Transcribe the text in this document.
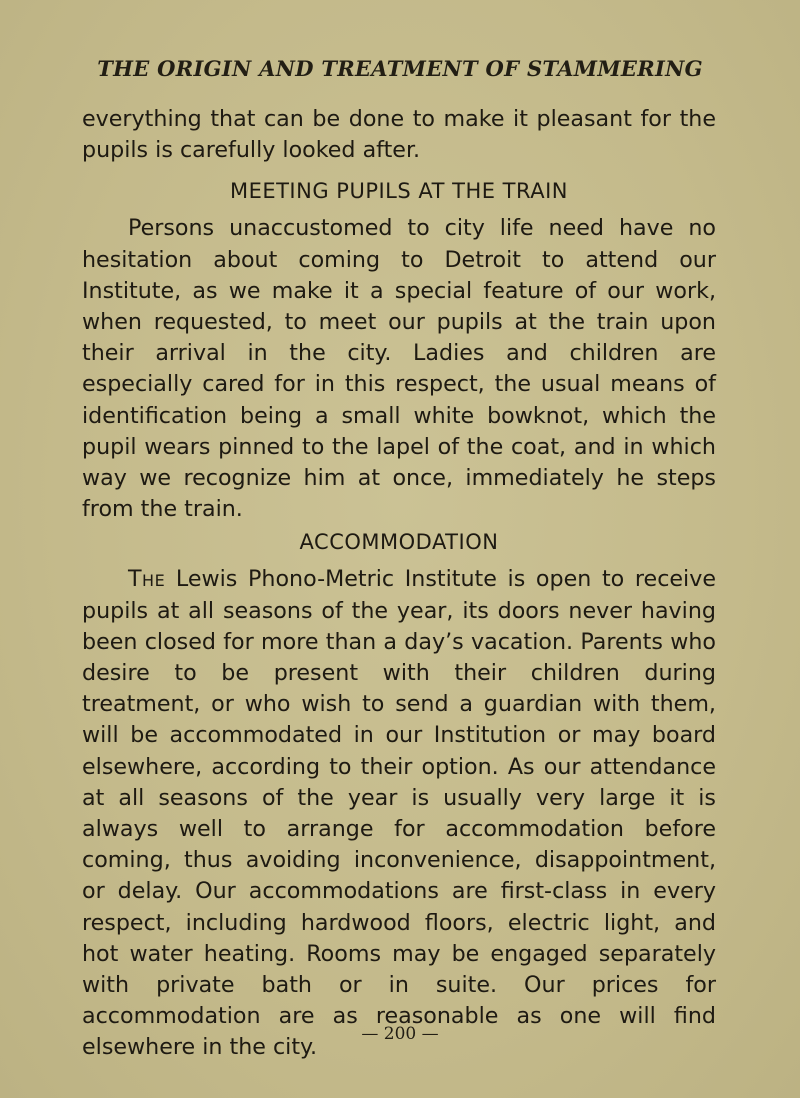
THE ORIGIN AND TREATMENT OF STAMMERING

everything that can be done to make it pleasant for the pupils is carefully looked after.

MEETING PUPILS AT THE TRAIN

Persons unaccustomed to city life need have no hesitation about coming to Detroit to attend our Institute, as we make it a special feature of our work, when requested, to meet our pupils at the train upon their arrival in the city. Ladies and children are especially cared for in this respect, the usual means of identification being a small white bowknot, which the pupil wears pinned to the lapel of the coat, and in which way we recognize him at once, immediately he steps from the train.

ACCOMMODATION

The Lewis Phono-Metric Institute is open to receive pupils at all seasons of the year, its doors never having been closed for more than a day’s vacation. Parents who desire to be present with their children during treatment, or who wish to send a guardian with them, will be accommodated in our Institution or may board elsewhere, according to their option. As our attendance at all seasons of the year is usually very large it is always well to arrange for accommodation before coming, thus avoiding inconvenience, disappointment, or delay. Our accommodations are first-class in every respect, including hardwood floors, electric light, and hot water heating. Rooms may be engaged separately with private bath or in suite. Our prices for accommodation are as reasonable as one will find elsewhere in the city.

— 200 —
